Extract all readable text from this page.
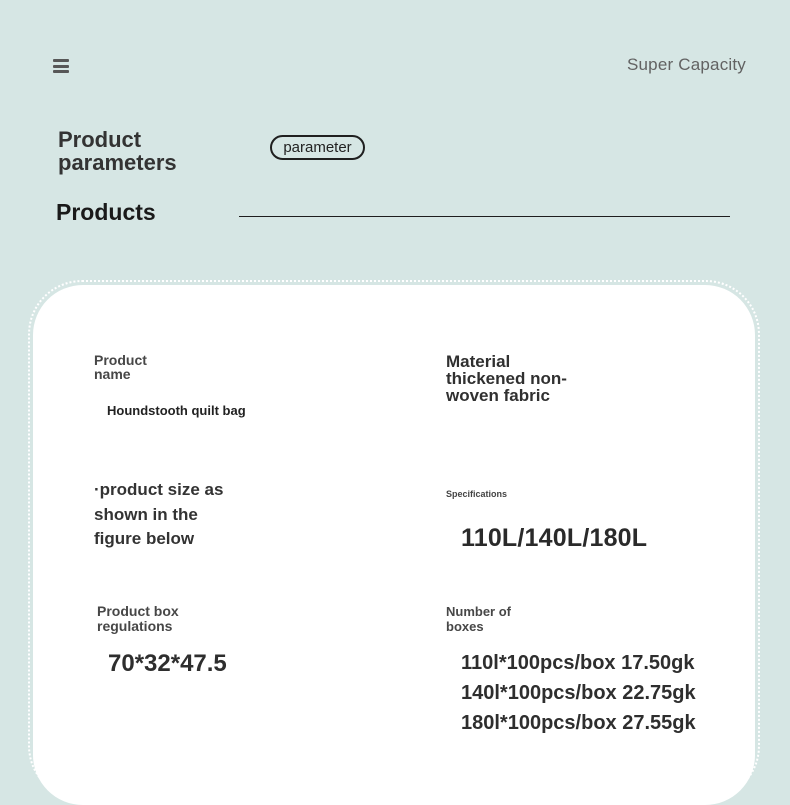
Super Capacity
Product parameters
parameter
Products
Product name
Houndstooth quilt bag
Material thickened non-woven fabric
·product size as shown in the figure below
Specifications
110L/140L/180L
Product box regulations
70*32*47.5
Number of boxes
110l*100pcs/box 17.50gk
140l*100pcs/box 22.75gk
180l*100pcs/box 27.55gk
